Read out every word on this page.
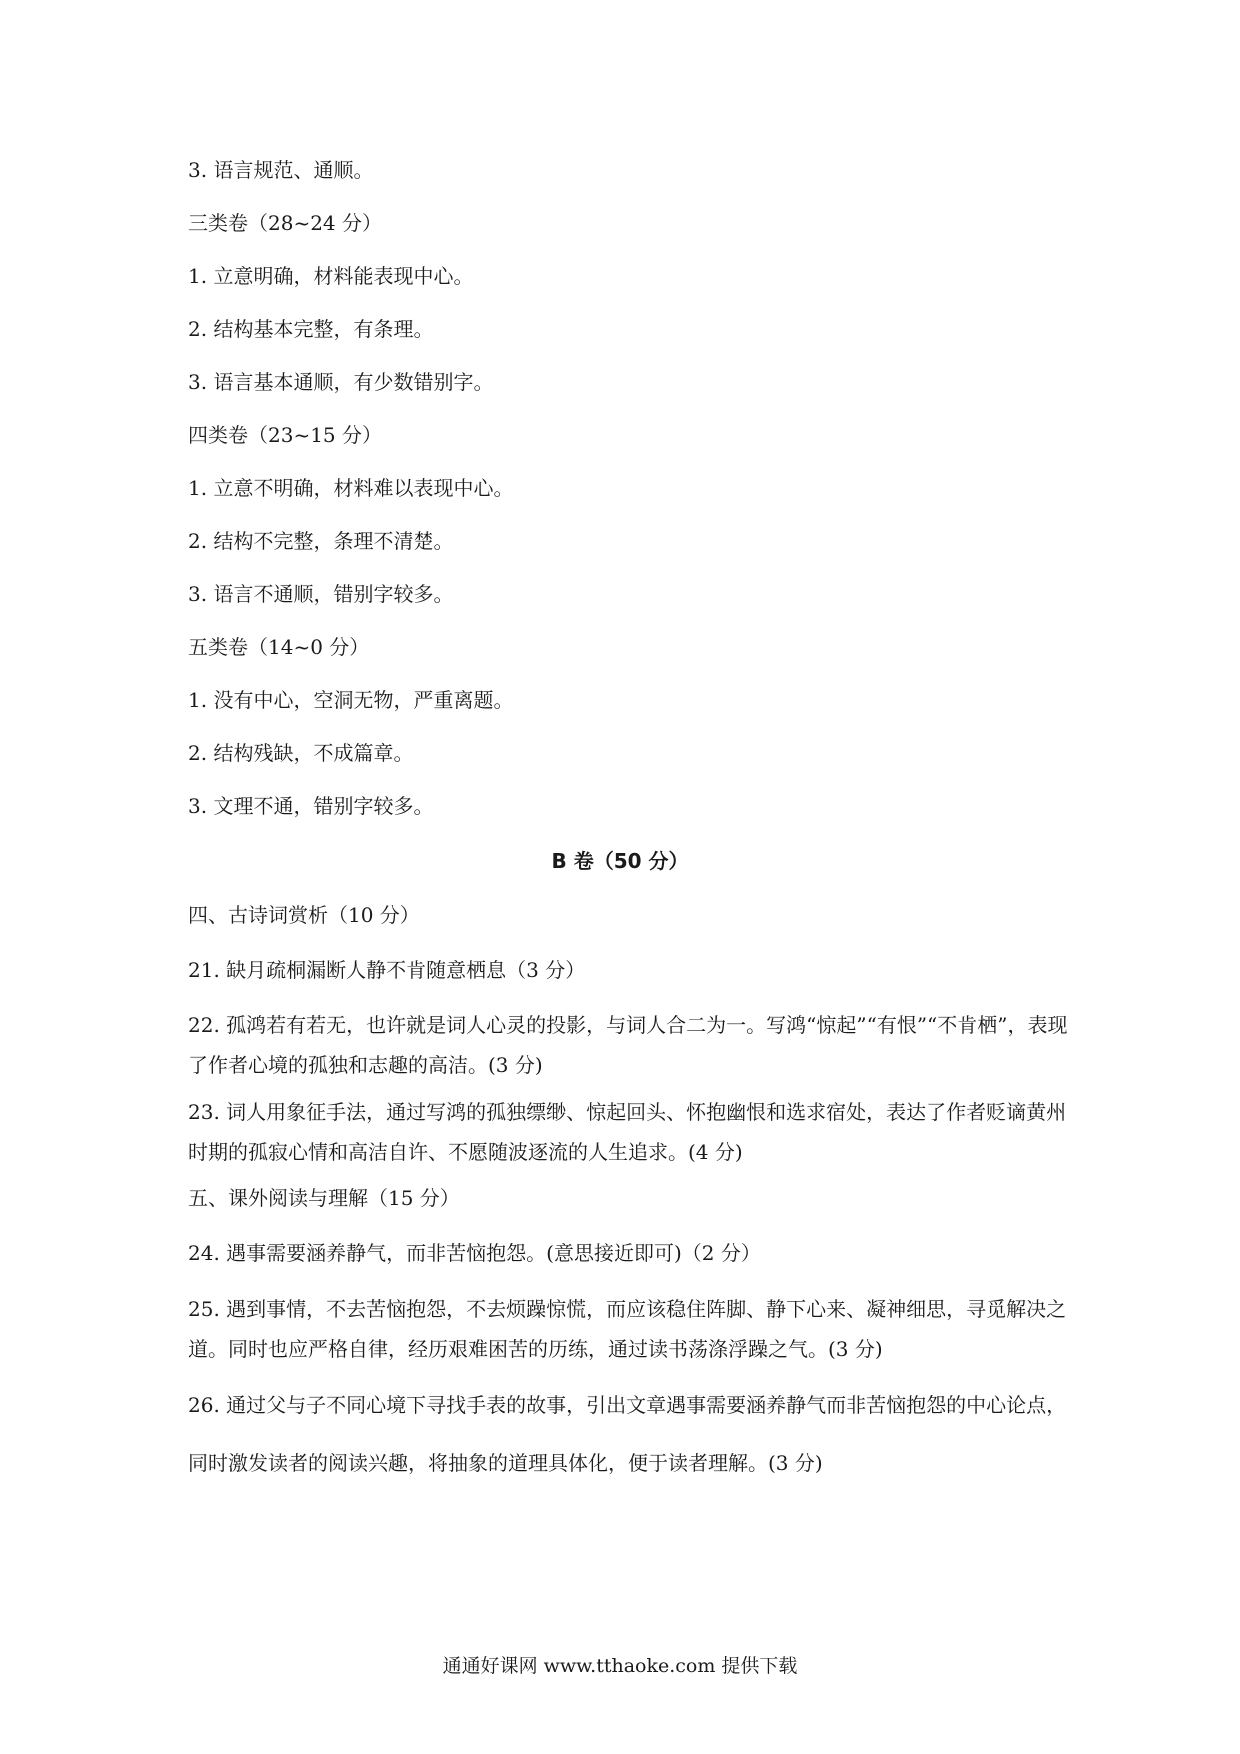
3. 语言规范、通顺。
三类卷（28~24 分）
1. 立意明确，材料能表现中心。
2. 结构基本完整，有条理。
3. 语言基本通顺，有少数错别字。
四类卷（23~15 分）
1. 立意不明确，材料难以表现中心。
2. 结构不完整，条理不清楚。
3. 语言不通顺，错别字较多。
五类卷（14~0 分）
1. 没有中心，空洞无物，严重离题。
2. 结构残缺，不成篇章。
3. 文理不通，错别字较多。
B 卷（50 分）
四、古诗词赏析（10 分）
21. 缺月疏桐漏断人静不肯随意栖息（3 分）
22. 孤鸿若有若无，也许就是词人心灵的投影，与词人合二为一。写鸿“惊起”“有恨”“不肯栖”，表现了作者心境的孤独和志趣的高洁。(3 分)
23. 词人用象征手法，通过写鸿的孤独缥缈、惊起回头、怀抱幽恨和选求宿处，表达了作者贬谪黄州时期的孤寂心情和高洁自许、不愿随波逐流的人生追求。(4 分)
五、课外阅读与理解（15 分）
24. 遇事需要涵养静气，而非苦恼抱怨。(意思接近即可)（2 分）
25. 遇到事情，不去苦恼抱怨，不去烦躁惊慌，而应该稳住阵脚、静下心来、凝神细思，寻觅解决之道。同时也应严格自律，经历艰难困苦的历练，通过读书荡涤浮躁之气。(3 分)
26. 通过父与子不同心境下寻找手表的故事，引出文章遇事需要涵养静气而非苦恼抱怨的中心论点，同时激发读者的阅读兴趣，将抽象的道理具体化，便于读者理解。(3 分)
通通好课网 www.tthaoke.com 提供下载
